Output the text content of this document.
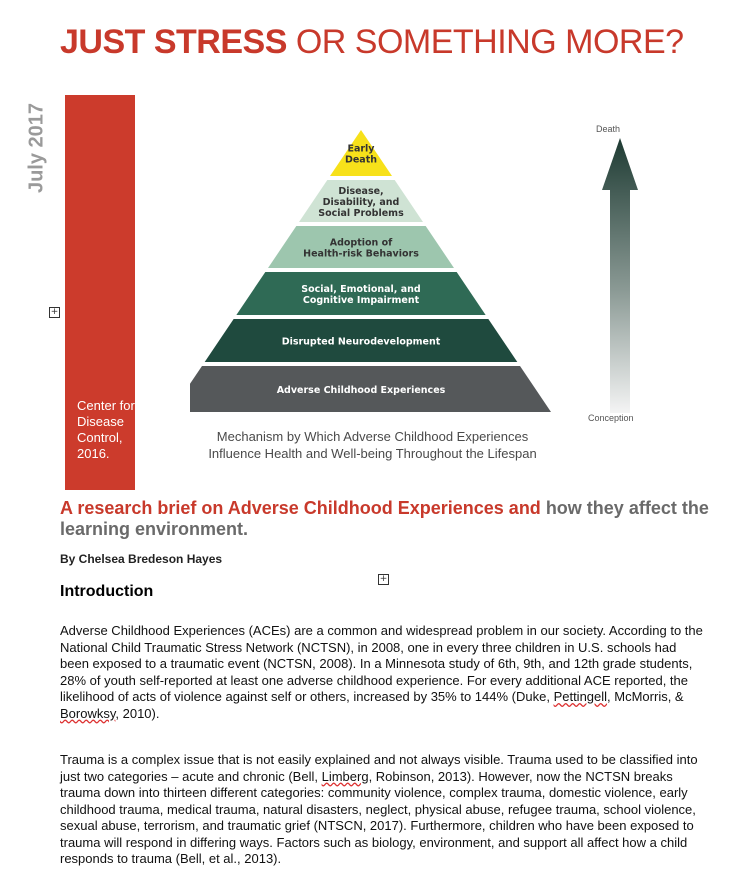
JUST STRESS OR SOMETHING MORE?
July 2017
Center for Disease Control, 2016.
+
+
Early Death
Disease, Disability, and Social Problems
Adoption of Health-risk Behaviors
Social, Emotional, and Cognitive Impairment
Disrupted Neurodevelopment
Adverse Childhood Experiences
Death
Conception
Mechanism by Which Adverse Childhood Experiences
Influence Health and Well-being Throughout the Lifespan
A research brief on Adverse Childhood Experiences and how they affect the learning environment.
By Chelsea Bredeson Hayes
Introduction
Adverse Childhood Experiences (ACEs) are a common and widespread problem in our society. According to the National Child Traumatic Stress Network (NCTSN), in 2008, one in every three children in U.S. schools had been exposed to a traumatic event (NCTSN, 2008). In a Minnesota study of 6th, 9th, and 12th grade students, 28% of youth self-reported at least one adverse childhood experience. For every additional ACE reported, the likelihood of acts of violence against self or others, increased by 35% to 144% (Duke, Pettingell, McMorris, & Borowksy, 2010).
Trauma is a complex issue that is not easily explained and not always visible. Trauma used to be classified into just two categories – acute and chronic (Bell, Limberg, Robinson, 2013). However, now the NCTSN breaks trauma down into thirteen different categories: community violence, complex trauma, domestic violence, early childhood trauma, medical trauma, natural disasters, neglect, physical abuse, refugee trauma, school violence, sexual abuse, terrorism, and traumatic grief (NTSCN, 2017). Furthermore, children who have been exposed to trauma will respond in differing ways. Factors such as biology, environment, and support all affect how a child responds to trauma (Bell, et al., 2013).
